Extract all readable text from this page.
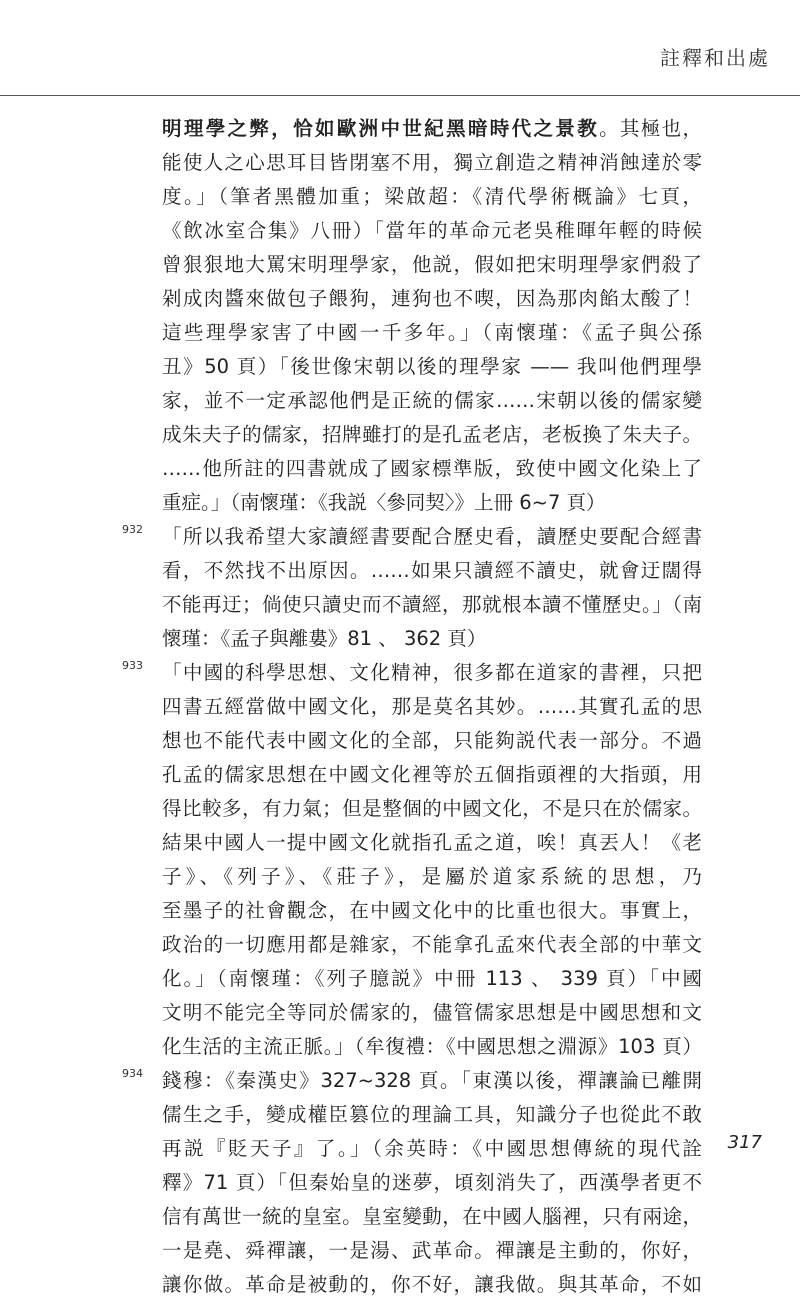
註釋和出處
明理學之弊，恰如歐洲中世紀黑暗時代之景教。其極也，
能使人之心思耳目皆閉塞不用，獨立創造之精神消蝕達於零
度。」（筆者黑體加重；梁啟超：《清代學術概論》七頁，
《飲冰室合集》八冊）「當年的革命元老吳稚暉年輕的時候
曾狠狠地大罵宋明理學家，他説，假如把宋明理學家們殺了
剁成肉醬來做包子餵狗，連狗也不喫，因為那肉餡太酸了！
這些理學家害了中國一千多年。」（南懷瑾：《孟子與公孫
丑》50 頁）「後世像宋朝以後的理學家 —— 我叫他們理學
家，並不一定承認他們是正統的儒家……宋朝以後的儒家變
成朱夫子的儒家，招牌雖打的是孔孟老店，老板換了朱夫子。
……他所註的四書就成了國家標準版，致使中國文化染上了
重症。」（南懷瑾：《我説〈參同契〉》上冊 6~7 頁）
932 「所以我希望大家讀經書要配合歷史看，讀歷史要配合經書
看，不然找不出原因。……如果只讀經不讀史，就會迂闊得
不能再迂；倘使只讀史而不讀經，那就根本讀不懂歷史。」（南
懷瑾：《孟子與離婁》81 、 362 頁）
933 「中國的科學思想、文化精神，很多都在道家的書裡，只把
四書五經當做中國文化，那是莫名其妙。……其實孔孟的思
想也不能代表中國文化的全部，只能夠説代表一部分。不過
孔孟的儒家思想在中國文化裡等於五個指頭裡的大指頭，用
得比較多，有力氣；但是整個的中國文化，不是只在於儒家。
結果中國人一提中國文化就指孔孟之道，唉！真丟人！《老
子》、《列子》、《莊子》，是屬於道家系統的思想，乃
至墨子的社會觀念，在中國文化中的比重也很大。事實上，
政治的一切應用都是雜家，不能拿孔孟來代表全部的中華文
化。」（南懷瑾：《列子臆説》中冊 113 、 339 頁）「中國
文明不能完全等同於儒家的，儘管儒家思想是中國思想和文
化生活的主流正脈。」（牟復禮：《中國思想之淵源》103 頁）
934 錢穆：《秦漢史》327~328 頁。「東漢以後，禪讓論已離開
儒生之手，變成權臣篡位的理論工具，知識分子也從此不敢
再説『貶天子』了。」（余英時：《中國思想傳統的現代詮
釋》71 頁）「但秦始皇的迷夢，頃刻消失了，西漢學者更不
信有萬世一統的皇室。皇室變動，在中國人腦裡，只有兩途，
一是堯、舜禪讓，一是湯、武革命。禪讓是主動的，你好，
讓你做。革命是被動的，你不好，讓我做。與其革命，不如
317
